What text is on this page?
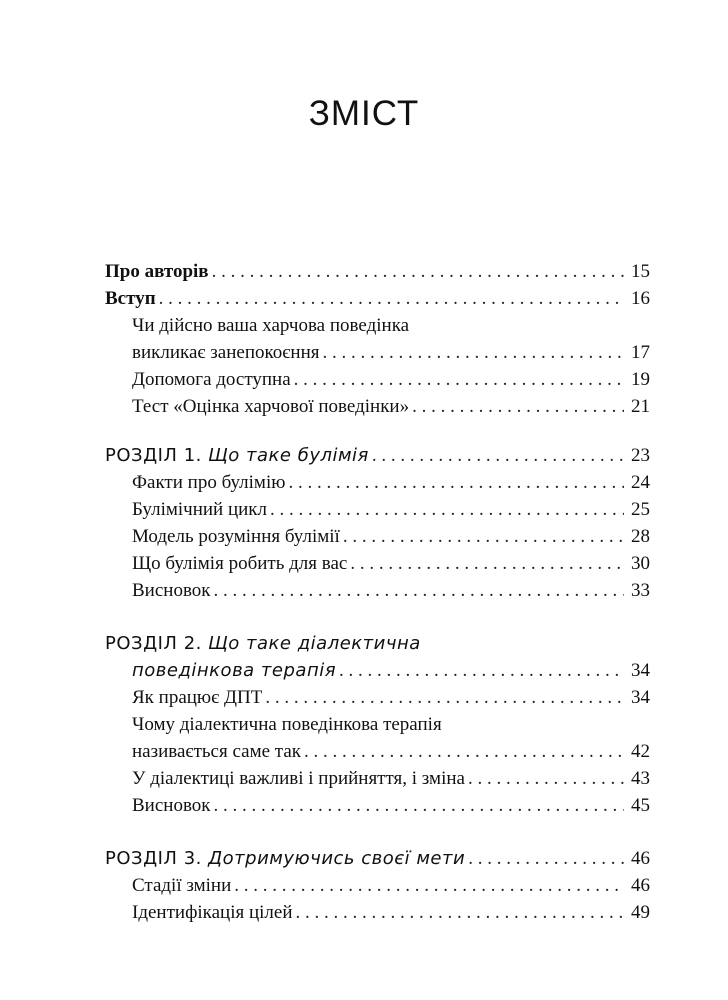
ЗМІСТ
Про авторів . . .	15
Вступ . . .	16
Чи дійсно ваша харчова поведінка
викликає занепокоєння . . .	17
Допомога доступна . . .	19
Тест «Оцінка харчової поведінки» . . .	21
РОЗДІЛ 1. Що таке булімія . . .	23
Факти про булімію . . .	24
Булімічний цикл . . .	25
Модель розуміння булімії . . .	28
Що булімія робить для вас . . .	30
Висновок . . .	33
РОЗДІЛ 2. Що таке діалектична
поведінкова терапія . . .	34
Як працює ДПТ . . .	34
Чому діалектична поведінкова терапія
називається саме так . . .	42
У діалектиці важливі і прийняття, і зміна . . .	43
Висновок . . .	45
РОЗДІЛ 3. Дотримуючись своєї мети . . .	46
Стадії зміни . . .	46
Ідентифікація цілей . . .	49
